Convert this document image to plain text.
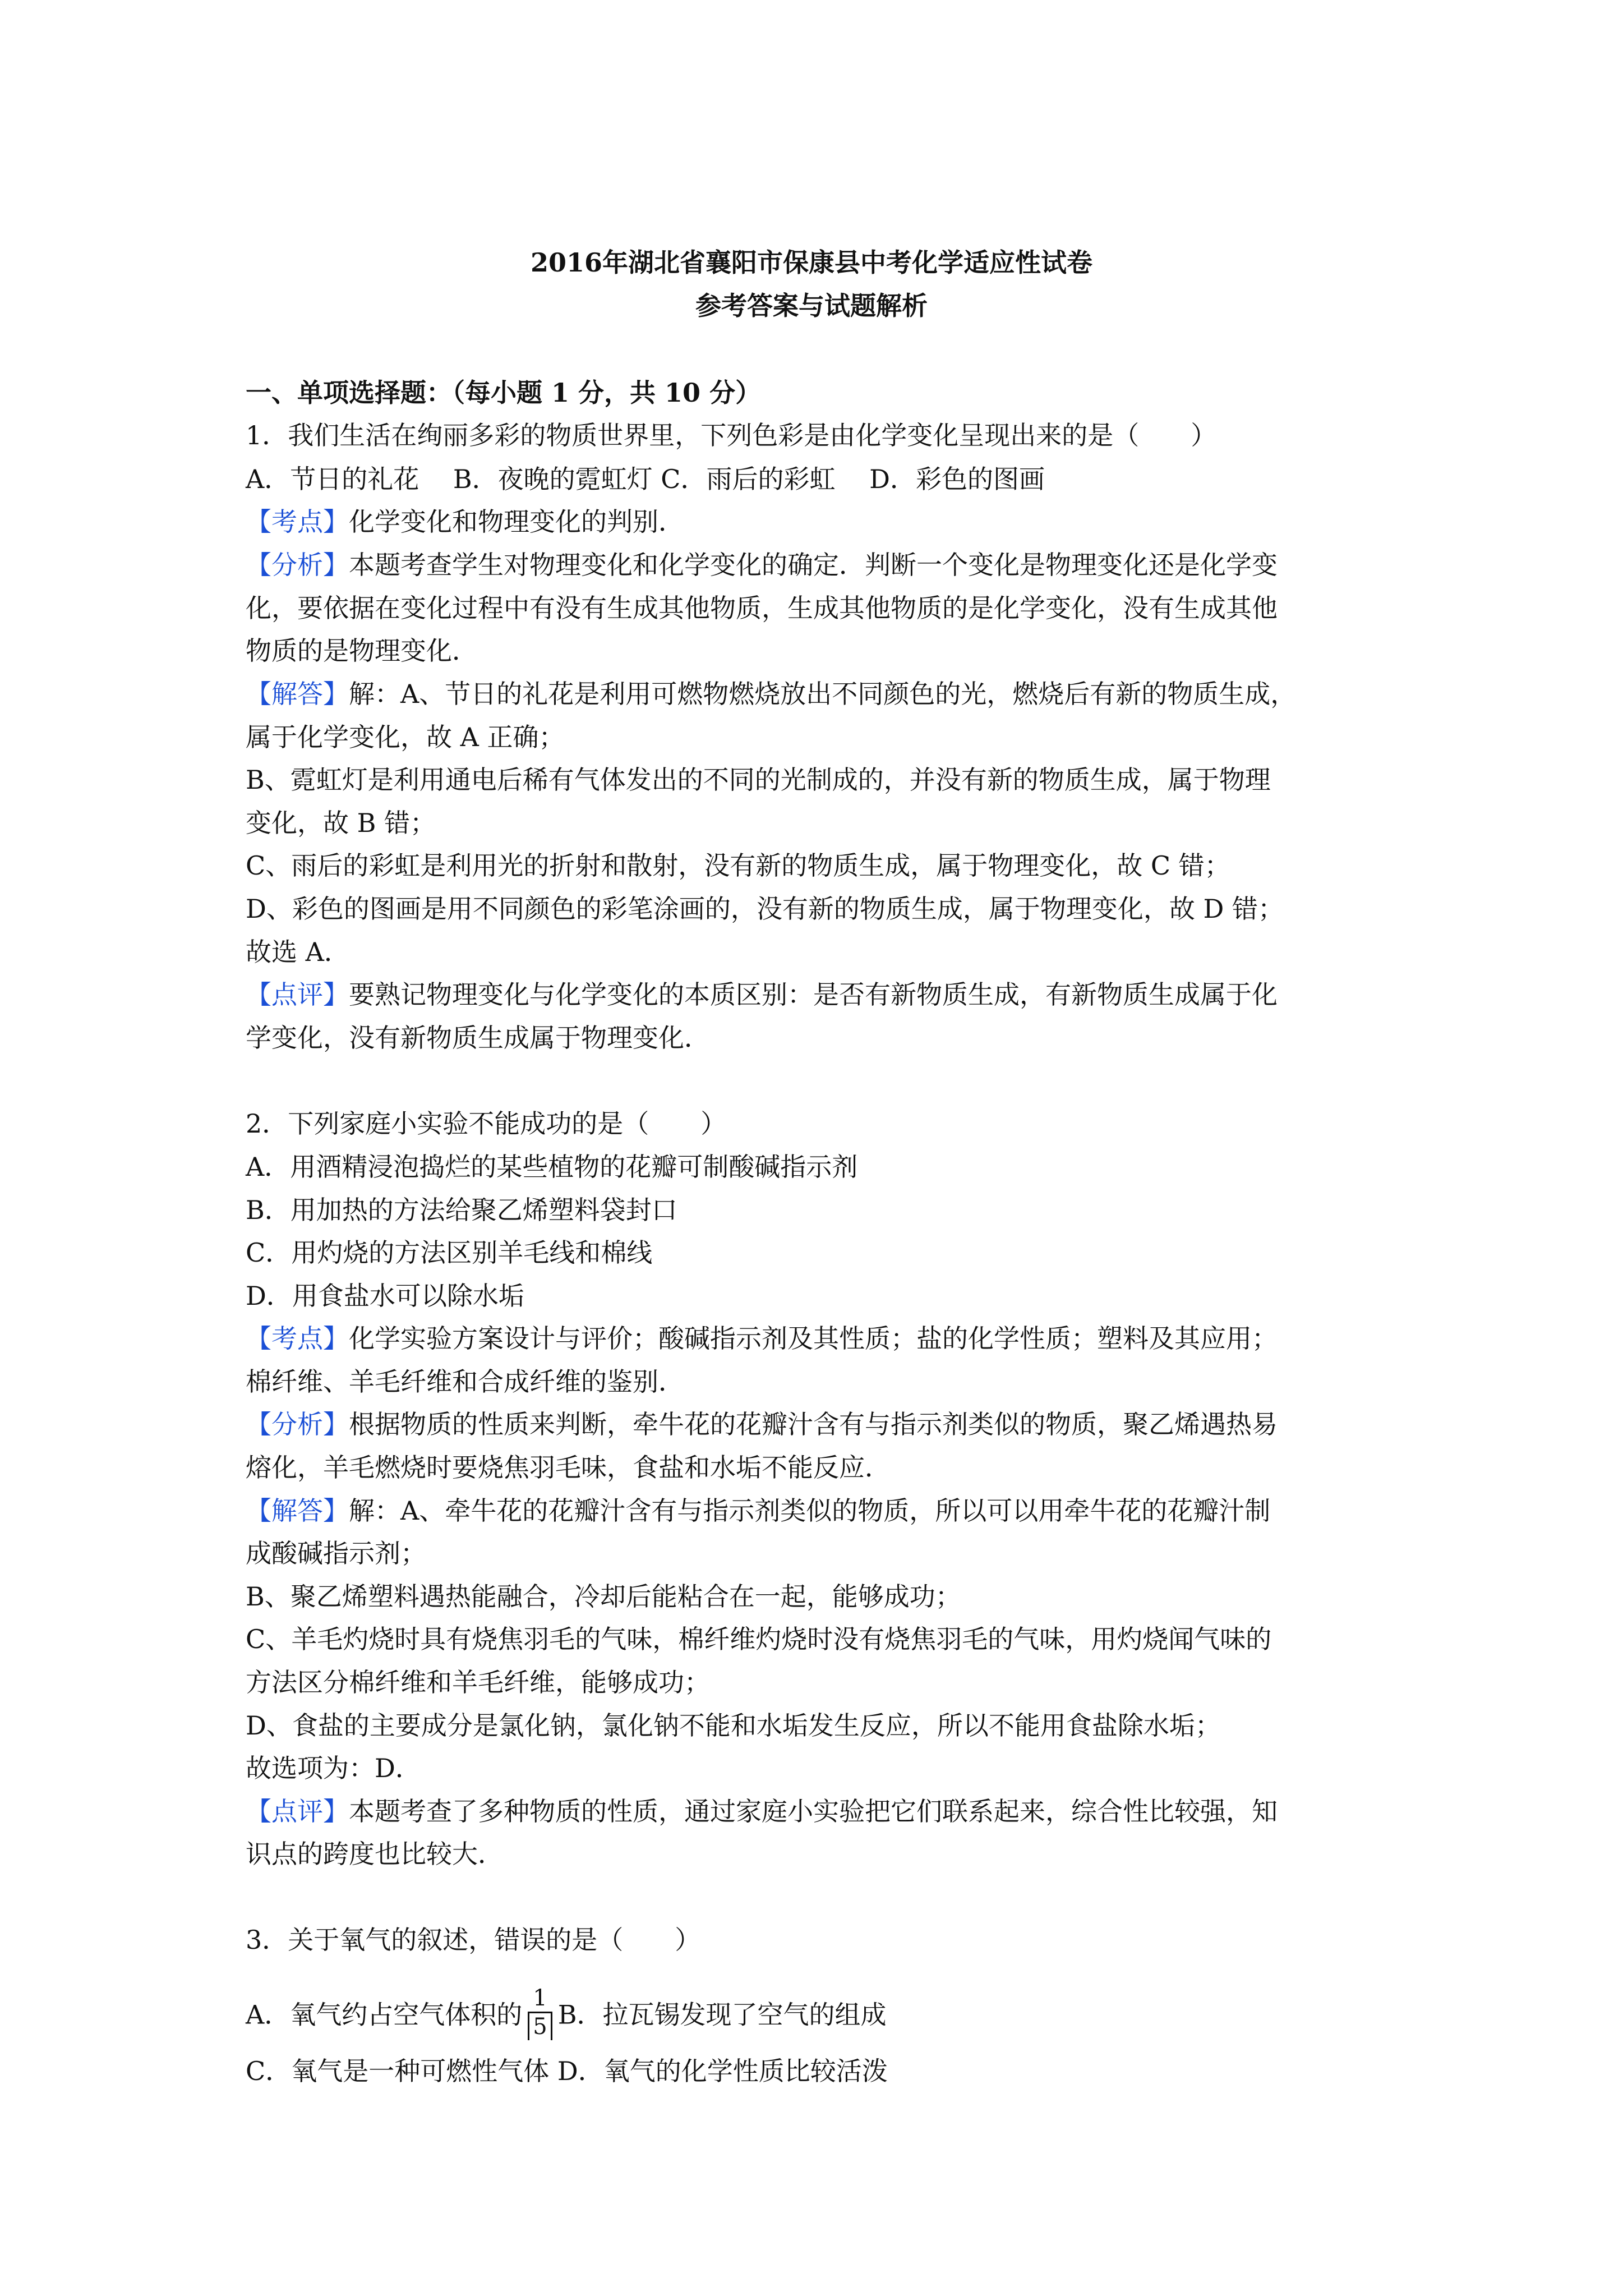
2016年湖北省襄阳市保康县中考化学适应性试卷
参考答案与试题解析
一、单项选择题：（每小题 1 分，共 10 分）
1．我们生活在绚丽多彩的物质世界里，下列色彩是由化学变化呈现出来的是（　　）
A．节日的礼花　 B．夜晚的霓虹灯 C．雨后的彩虹　 D．彩色的图画
【考点】化学变化和物理变化的判别．
【分析】本题考查学生对物理变化和化学变化的确定．判断一个变化是物理变化还是化学变
化，要依据在变化过程中有没有生成其他物质，生成其他物质的是化学变化，没有生成其他
物质的是物理变化．
【解答】解：A、节日的礼花是利用可燃物燃烧放出不同颜色的光，燃烧后有新的物质生成，
属于化学变化，故 A 正确；
B、霓虹灯是利用通电后稀有气体发出的不同的光制成的，并没有新的物质生成，属于物理
变化，故 B 错；
C、雨后的彩虹是利用光的折射和散射，没有新的物质生成，属于物理变化，故 C 错；
D、彩色的图画是用不同颜色的彩笔涂画的，没有新的物质生成，属于物理变化，故 D 错；
故选 A．
【点评】要熟记物理变化与化学变化的本质区别：是否有新物质生成，有新物质生成属于化
学变化，没有新物质生成属于物理变化．
2．下列家庭小实验不能成功的是（　　）
A．用酒精浸泡捣烂的某些植物的花瓣可制酸碱指示剂
B．用加热的方法给聚乙烯塑料袋封口
C．用灼烧的方法区别羊毛线和棉线
D．用食盐水可以除水垢
【考点】化学实验方案设计与评价；酸碱指示剂及其性质；盐的化学性质；塑料及其应用；
棉纤维、羊毛纤维和合成纤维的鉴别．
【分析】根据物质的性质来判断，牵牛花的花瓣汁含有与指示剂类似的物质，聚乙烯遇热易
熔化，羊毛燃烧时要烧焦羽毛味，食盐和水垢不能反应．
【解答】解：A、牵牛花的花瓣汁含有与指示剂类似的物质，所以可以用牵牛花的花瓣汁制
成酸碱指示剂；
B、聚乙烯塑料遇热能融合，冷却后能粘合在一起，能够成功；
C、羊毛灼烧时具有烧焦羽毛的气味，棉纤维灼烧时没有烧焦羽毛的气味，用灼烧闻气味的
方法区分棉纤维和羊毛纤维，能够成功；
D、食盐的主要成分是氯化钠，氯化钠不能和水垢发生反应，所以不能用食盐除水垢；
故选项为：D．
【点评】本题考查了多种物质的性质，通过家庭小实验把它们联系起来，综合性比较强，知
识点的跨度也比较大．
3．关于氧气的叙述，错误的是（　　）
A．氧气约占空气体积的 $\frac{1}{5}$ B．拉瓦锡发现了空气的组成
C．氧气是一种可燃性气体 D．氧气的化学性质比较活泼
